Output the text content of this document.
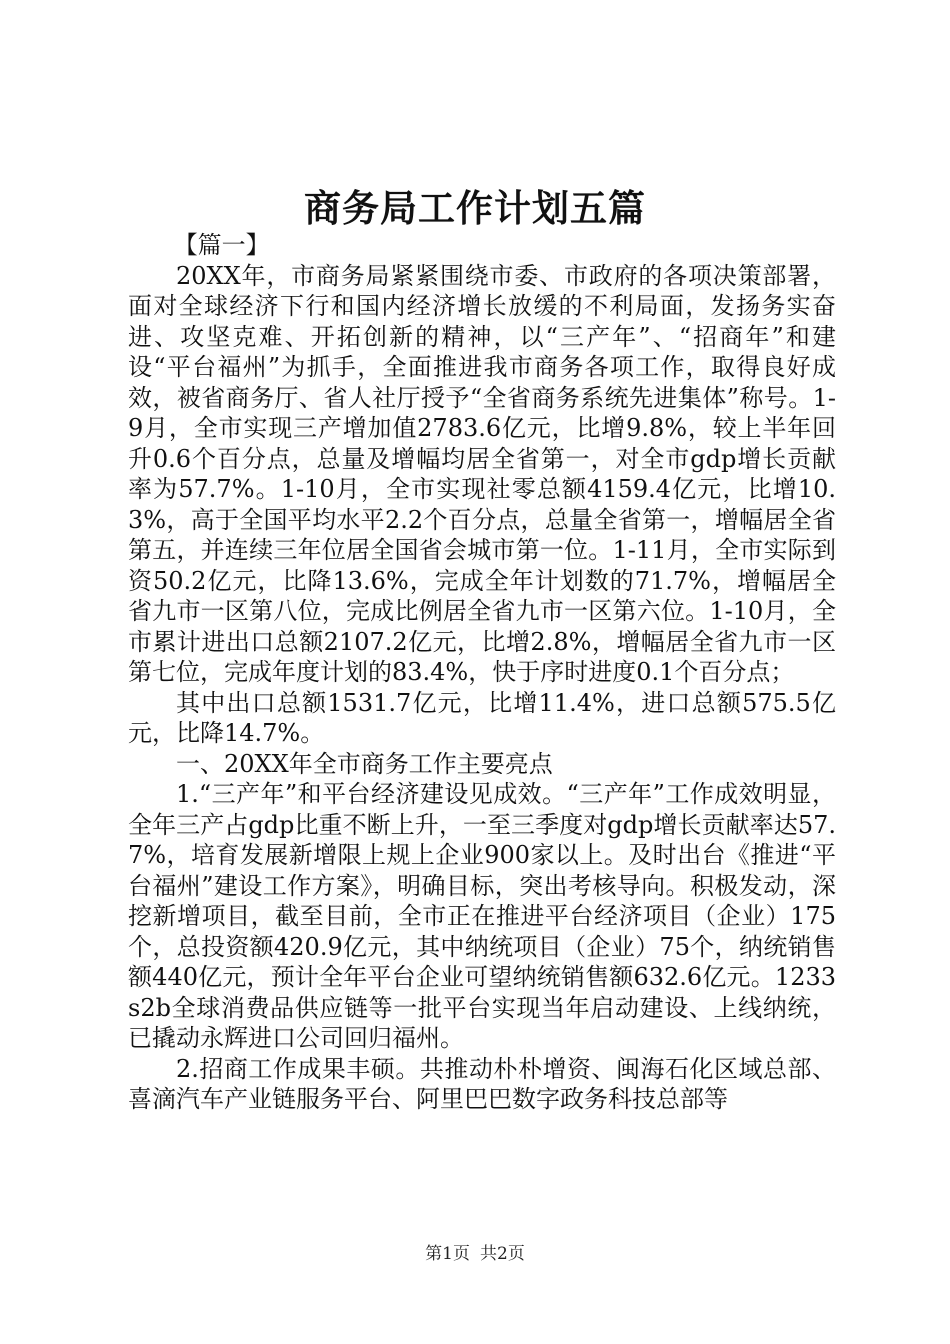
商务局工作计划五篇

【篇一】

20XX年，市商务局紧紧围绕市委、市政府的各项决策部署，面对全球经济下行和国内经济增长放缓的不利局面，发扬务实奋进、攻坚克难、开拓创新的精神，以“三产年”、“招商年”和建设“平台福州”为抓手，全面推进我市商务各项工作，取得良好成效，被省商务厅、省人社厅授予“全省商务系统先进集体”称号。1-9月，全市实现三产增加值2783.6亿元，比增9.8%，较上半年回升0.6个百分点，总量及增幅均居全省第一，对全市gdp增长贡献率为57.7%。1-10月，全市实现社零总额4159.4亿元，比增10.3%，高于全国平均水平2.2个百分点，总量全省第一，增幅居全省第五，并连续三年位居全国省会城市第一位。1-11月，全市实际到资50.2亿元，比降13.6%，完成全年计划数的71.7%，增幅居全省九市一区第八位，完成比例居全省九市一区第六位。1-10月，全市累计进出口总额2107.2亿元，比增2.8%，增幅居全省九市一区第七位，完成年度计划的83.4%，快于序时进度0.1个百分点；

其中出口总额1531.7亿元，比增11.4%，进口总额575.5亿元，比降14.7%。

一、20XX年全市商务工作主要亮点

1.“三产年”和平台经济建设见成效。“三产年”工作成效明显，全年三产占gdp比重不断上升，一至三季度对gdp增长贡献率达57.7%，培育发展新增限上规上企业900家以上。及时出台《推进“平台福州”建设工作方案》，明确目标，突出考核导向。积极发动，深挖新增项目，截至目前，全市正在推进平台经济项目（企业）175个，总投资额420.9亿元，其中纳统项目（企业）75个，纳统销售额440亿元，预计全年平台企业可望纳统销售额632.6亿元。1233s2b全球消费品供应链等一批平台实现当年启动建设、上线纳统，已撬动永辉进口公司回归福州。

2.招商工作成果丰硕。共推动朴朴增资、闽海石化区域总部、喜滴汽车产业链服务平台、阿里巴巴数字政务科技总部等

第1页 共2页
